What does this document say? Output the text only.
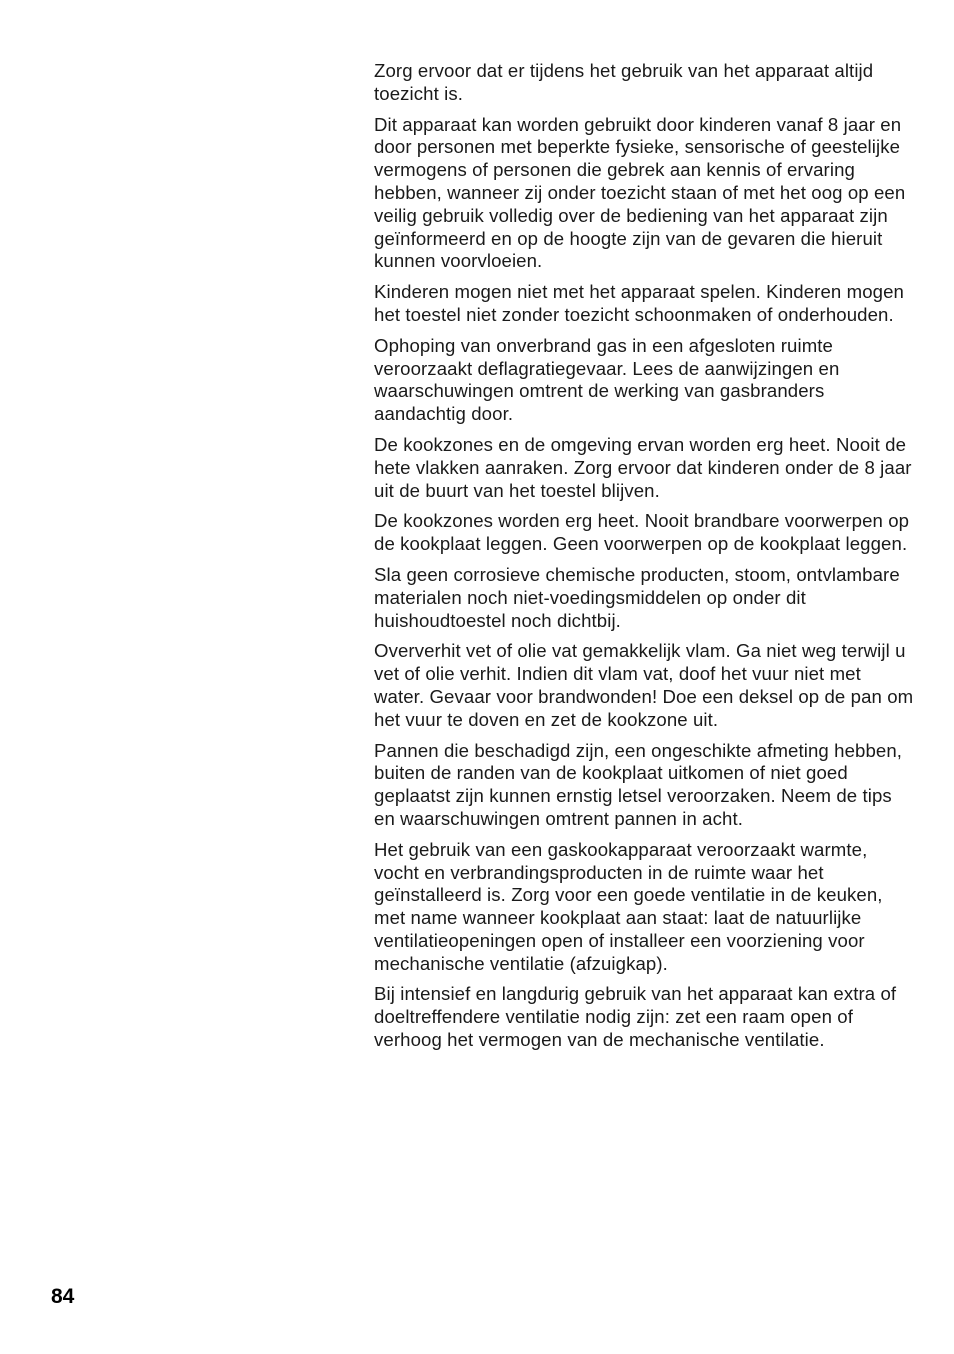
Zorg ervoor dat er tijdens het gebruik van het apparaat altijd toezicht is.

Dit apparaat kan worden gebruikt door kinderen vanaf 8 jaar en door personen met beperkte fysieke, sensorische of geestelijke vermogens of personen die gebrek aan kennis of ervaring hebben, wanneer zij onder toezicht staan of met het oog op een veilig gebruik volledig over de bediening van het apparaat zijn geïnformeerd en op de hoogte zijn van de gevaren die hieruit kunnen voorvloeien.

Kinderen mogen niet met het apparaat spelen. Kinderen mogen het toestel niet zonder toezicht schoonmaken of onderhouden.

Ophoping van onverbrand gas in een afgesloten ruimte veroorzaakt deflagratiegevaar. Lees de aanwijzingen en waarschuwingen omtrent de werking van gasbranders aandachtig door.

De kookzones en de omgeving ervan worden erg heet. Nooit de hete vlakken aanraken. Zorg ervoor dat kinderen onder de 8 jaar uit de buurt van het toestel blijven.

De kookzones worden erg heet. Nooit brandbare voorwerpen op de kookplaat leggen. Geen voorwerpen op de kookplaat leggen.

Sla geen corrosieve chemische producten, stoom, ontvlambare materialen noch niet-voedingsmiddelen op onder dit huishoudtoestel noch dichtbij.

Oververhit vet of olie vat gemakkelijk vlam. Ga niet weg terwijl u vet of olie verhit. Indien dit vlam vat, doof het vuur niet met water. Gevaar voor brandwonden! Doe een deksel op de pan om het vuur te doven en zet de kookzone uit.

Pannen die beschadigd zijn, een ongeschikte afmeting hebben, buiten de randen van de kookplaat uitkomen of niet goed geplaatst zijn kunnen ernstig letsel veroorzaken. Neem de tips en waarschuwingen omtrent pannen in acht.

Het gebruik van een gaskookapparaat veroorzaakt warmte, vocht en verbrandingsproducten in de ruimte waar het geïnstalleerd is. Zorg voor een goede ventilatie in de keuken, met name wanneer kookplaat aan staat: laat de natuurlijke ventilatieopeningen open of installeer een voorziening voor mechanische ventilatie (afzuigkap).

Bij intensief en langdurig gebruik van het apparaat kan extra of doeltreffendere ventilatie nodig zijn: zet een raam open of verhoog het vermogen van de mechanische ventilatie.

84
